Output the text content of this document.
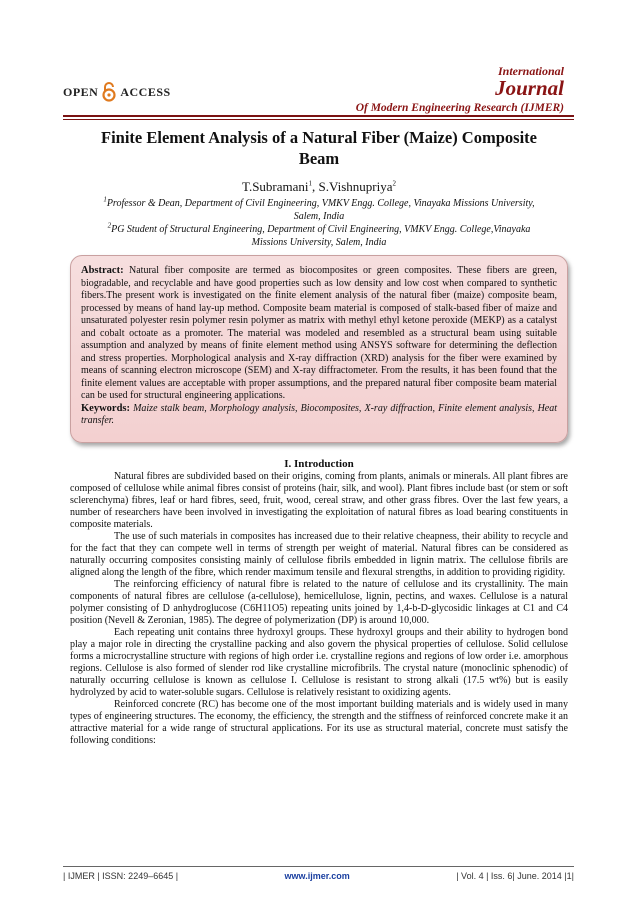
OPEN ACCESS
International
Journal
Of Modern Engineering Research (IJMER)
Finite Element Analysis of a Natural Fiber (Maize) Composite
Beam
T.Subramani$^1$, S.Vishnupriya$^2$
$^1$Professor & Dean, Department of Civil Engineering, VMKV Engg. College, Vinayaka Missions University,
Salem, India
$^2$PG Student of Structural Engineering, Department of Civil Engineering, VMKV Engg. College,Vinayaka
Missions University, Salem, India
Abstract: Natural fiber composite are termed as biocomposites or green composites. These fibers are green, biogradable, and recyclable and have good properties such as low density and low cost when compared to synthetic fibers.The present work is investigated on the finite element analysis of the natural fiber (maize) composite beam, processed by means of hand lay-up method. Composite beam material is composed of stalk-based fiber of maize and unsaturated polyester resin polymer resin polymer as matrix with methyl ethyl ketone peroxide (MEKP) as a catalyst and cobalt octoate as a promoter. The material was modeled and resembled as a structural beam using suitable assumption and analyzed by means of finite element method using ANSYS software for determining the deflection and stress properties. Morphological analysis and X-ray diffraction (XRD) analysis for the fiber were examined by means of scanning electron microscope (SEM) and X-ray diffractometer. From the results, it has been found that the finite element values are acceptable with proper assumptions, and the prepared natural fiber composite beam material can be used for structural engineering applications.
Keywords: Maize stalk beam, Morphology analysis, Biocomposites, X-ray diffraction, Finite element analysis, Heat transfer.
I. Introduction

Natural fibres are subdivided based on their origins, coming from plants, animals or minerals. All plant fibres are composed of cellulose while animal fibres consist of proteins (hair, silk, and wool). Plant fibres include bast (or stem or soft sclerenchyma) fibres, leaf or hard fibres, seed, fruit, wood, cereal straw, and other grass fibres. Over the last few years, a number of researchers have been involved in investigating the exploitation of natural fibres as load bearing constituents in composite materials.

The use of such materials in composites has increased due to their relative cheapness, their ability to recycle and for the fact that they can compete well in terms of strength per weight of material. Natural fibres can be considered as naturally occurring composites consisting mainly of cellulose fibrils embedded in lignin matrix. The cellulose fibrils are aligned along the length of the fibre, which render maximum tensile and flexural strengths, in addition to providing rigidity.

The reinforcing efficiency of natural fibre is related to the nature of cellulose and its crystallinity. The main components of natural fibres are cellulose (a-cellulose), hemicellulose, lignin, pectins, and waxes. Cellulose is a natural polymer consisting of D anhydroglucose (C6H11O5) repeating units joined by 1,4-b-D-glycosidic linkages at C1 and C4 position (Nevell & Zeronian, 1985). The degree of polymerization (DP) is around 10,000.

Each repeating unit contains three hydroxyl groups. These hydroxyl groups and their ability to hydrogen bond play a major role in directing the crystalline packing and also govern the physical properties of cellulose. Solid cellulose forms a microcrystalline structure with regions of high order i.e. crystalline regions and regions of low order i.e. amorphous regions. Cellulose is also formed of slender rod like crystalline microfibrils. The crystal nature (monoclinic sphenodic) of naturally occurring cellulose is known as cellulose I. Cellulose is resistant to strong alkali (17.5 wt%) but is easily hydrolyzed by acid to water-soluble sugars. Cellulose is relatively resistant to oxidizing agents.

Reinforced concrete (RC) has become one of the most important building materials and is widely used in many types of engineering structures. The economy, the efficiency, the strength and the stiffness of reinforced concrete make it an attractive material for a wide range of structural applications. For its use as structural material, concrete must satisfy the following conditions:

| IJMER | ISSN: 2249–6645 |	www.ijmer.com	| Vol. 4 | Iss. 6| June. 2014 |1|
